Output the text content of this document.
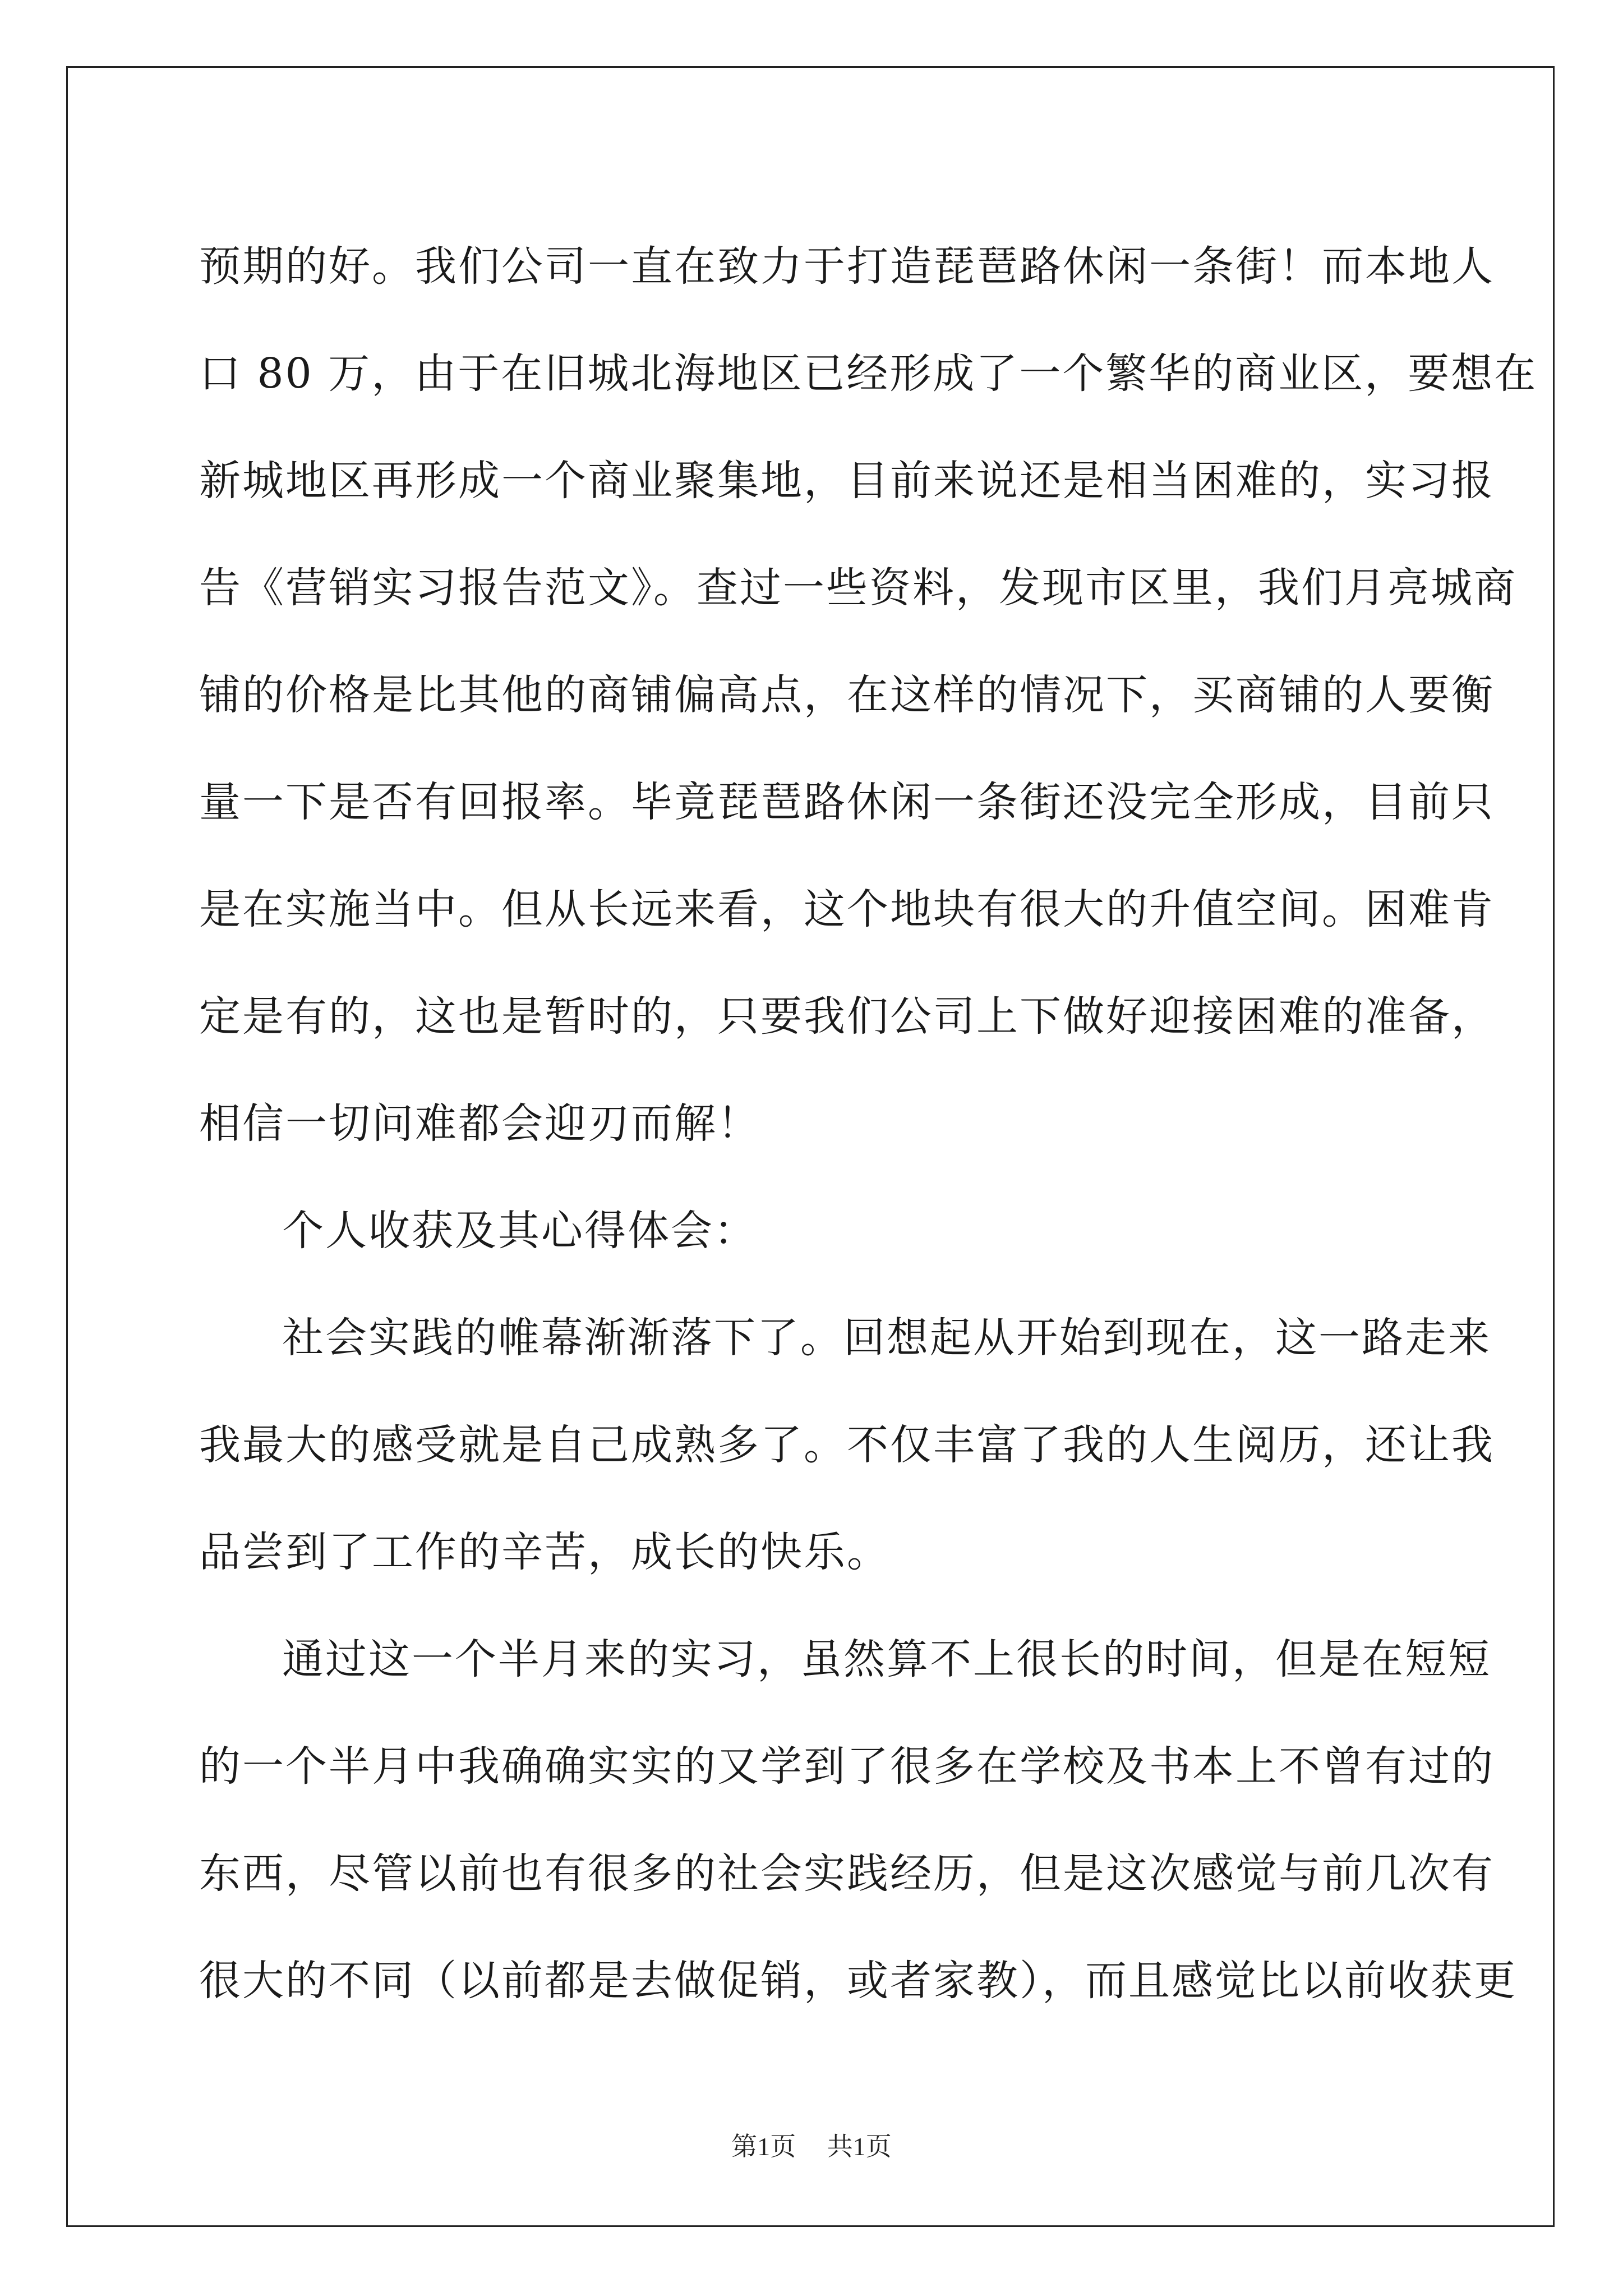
预期的好。我们公司一直在致力于打造琵琶路休闲一条街！而本地人
口 80 万，由于在旧城北海地区已经形成了一个繁华的商业区，要想在
新城地区再形成一个商业聚集地，目前来说还是相当困难的，实习报
告《营销实习报告范文》。查过一些资料，发现市区里，我们月亮城商
铺的价格是比其他的商铺偏高点，在这样的情况下，买商铺的人要衡
量一下是否有回报率。毕竟琵琶路休闲一条街还没完全形成，目前只
是在实施当中。但从长远来看，这个地块有很大的升值空间。困难肯
定是有的，这也是暂时的，只要我们公司上下做好迎接困难的准备，
相信一切问难都会迎刃而解！
个人收获及其心得体会：
社会实践的帷幕渐渐落下了。回想起从开始到现在，这一路走来
我最大的感受就是自己成熟多了。不仅丰富了我的人生阅历，还让我
品尝到了工作的辛苦，成长的快乐。
通过这一个半月来的实习，虽然算不上很长的时间，但是在短短
的一个半月中我确确实实的又学到了很多在学校及书本上不曾有过的
东西，尽管以前也有很多的社会实践经历，但是这次感觉与前几次有
很大的不同（以前都是去做促销，或者家教），而且感觉比以前收获更
第1页 共1页
